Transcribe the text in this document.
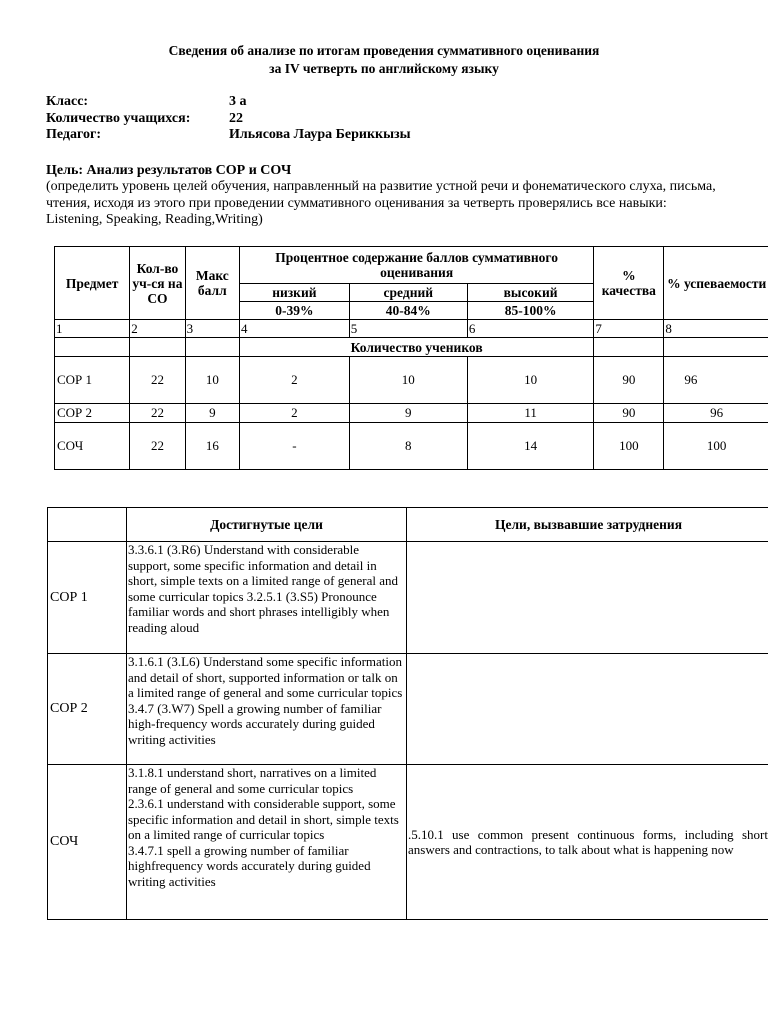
Сведения об анализе по итогам проведения суммативного оценивания
за IV четверть по английскому языку
Класс:	3 а
Количество учащихся:	22
Педагог:	Ильясова Лаура Бериккызы
Цель: Анализ результатов СОР и СОЧ
(определить уровень целей обучения, направленный на развитие устной речи и фонематического слуха, письма, чтения, исходя из этого при проведении суммативного оценивания за четверть проверялись все навыки: Listening, Speaking, Reading,Writing)
Предмет	Кол-во уч-ся на СО	Макс балл	Процентное содержание баллов суммативного оценивания			% качества	% успеваемости
			низкий	средний	высокий		
			0-39%	40-84%	85-100%		
1	2	3	4	5	6	7	8
			Количество учеников				
СОР 1	22	10	2	10	10	90	96
СОР 2	22	9	2	9	11	90	96
СОЧ	22	16	-	8	14	100	100
	Достигнутые цели	Цели, вызвавшие затруднения
СОР 1	3.3.6.1 (3.R6) Understand with considerable support, some specific information and detail in short, simple texts on a limited range of general and some curricular topics 3.2.5.1 (3.S5) Pronounce familiar words and short phrases intelligibly when reading aloud	

СОР 2	3.1.6.1 (3.L6) Understand some specific information and detail of short, supported information or talk on a limited range of general and some curricular topics 3.4.7 (3.W7) Spell a growing number of familiar high-frequency words accurately during guided writing activities	

СОЧ	3.1.8.1 understand short, narratives on a limited range of general and some curricular topics
2.3.6.1 understand with considerable support, some specific information and detail in short, simple texts on a limited range of curricular topics
3.4.7.1 spell a growing number of familiar highfrequency words accurately during guided writing activities	.5.10.1 use common present continuous forms, including short answers and contractions, to talk about what is happening now
